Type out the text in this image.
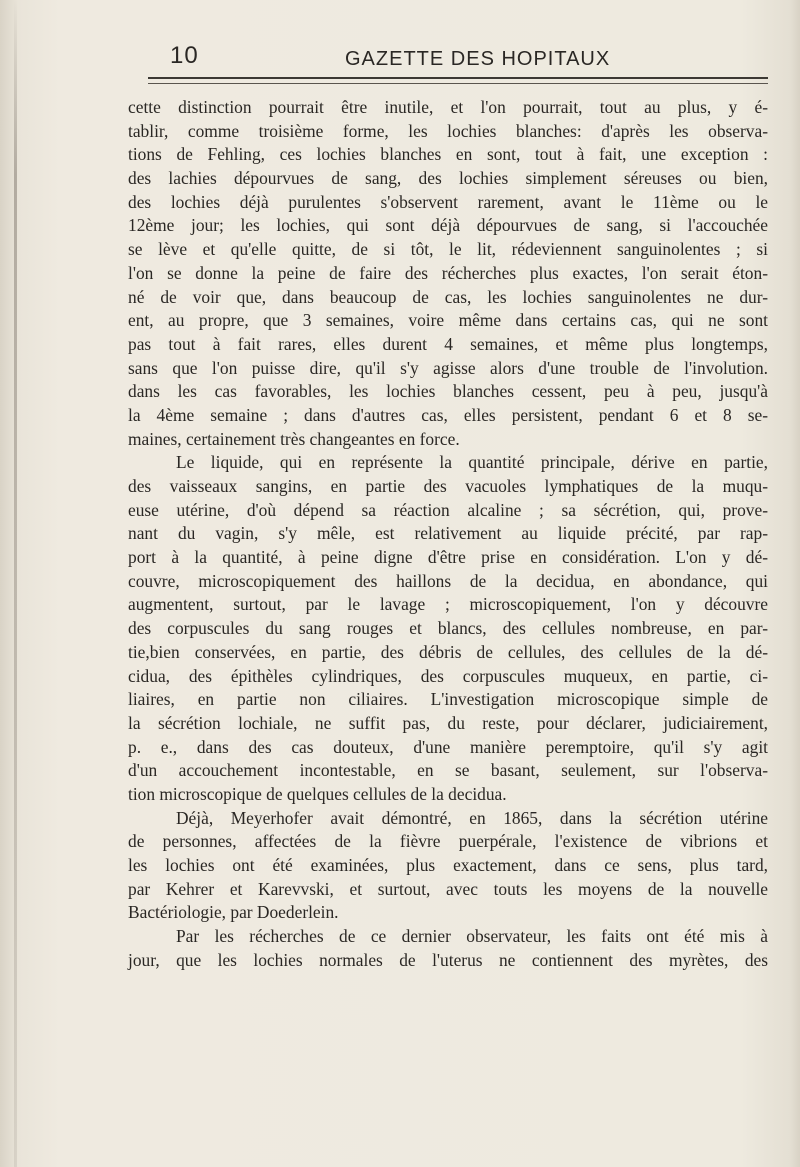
10	GAZETTE DES HOPITAUX
cette distinction pourrait être inutile, et l'on pourrait, tout au plus, y é-
tablir, comme troisième forme, les lochies blanches: d'après les observa-
tions de Fehling, ces lochies blanches en sont, tout à fait, une exception :
des lachies dépourvues de sang, des lochies simplement séreuses ou bien,
des lochies déjà purulentes s'observent rarement, avant le 11ème ou le
12ème jour; les lochies, qui sont déjà dépourvues de sang, si l'accouchée
se lève et qu'elle quitte, de si tôt, le lit, rédeviennent sanguinolentes ; si
l'on se donne la peine de faire des récherches plus exactes, l'on serait éton-
né de voir que, dans beaucoup de cas, les lochies sanguinolentes ne dur-
ent, au propre, que 3 semaines, voire même dans certains cas, qui ne sont
pas tout à fait rares, elles durent 4 semaines, et même plus longtemps,
sans que l'on puisse dire, qu'il s'y agisse alors d'une trouble de l'involution.
dans les cas favorables, les lochies blanches cessent, peu à peu, jusqu'à
la 4ème semaine ; dans d'autres cas, elles persistent, pendant 6 et 8 se-
maines, certainement très changeantes en force.
Le liquide, qui en représente la quantité principale, dérive en partie,
des vaisseaux sangins, en partie des vacuoles lymphatiques de la muqu-
euse utérine, d'où dépend sa réaction alcaline ; sa sécrétion, qui, prove-
nant du vagin, s'y mêle, est relativement au liquide précité, par rap-
port à la quantité, à peine digne d'être prise en considération. L'on y dé-
couvre, microscopiquement des haillons de la decidua, en abondance, qui
augmentent, surtout, par le lavage ; microscopiquement, l'on y découvre
des corpuscules du sang rouges et blancs, des cellules nombreuse, en par-
tie,bien conservées, en partie, des débris de cellules, des cellules de la dé-
cidua, des épithèles cylindriques, des corpuscules muqueux, en partie, ci-
liaires, en partie non ciliaires. L'investigation microscopique simple de
la sécrétion lochiale, ne suffit pas, du reste, pour déclarer, judiciairement,
p. e., dans des cas douteux, d'une manière peremptoire, qu'il s'y agit
d'un accouchement incontestable, en se basant, seulement, sur l'observa-
tion microscopique de quelques cellules de la decidua.
Déjà, Meyerhofer avait démontré, en 1865, dans la sécrétion utérine
de personnes, affectées de la fièvre puerpérale, l'existence de vibrions et
les lochies ont été examinées, plus exactement, dans ce sens, plus tard,
par Kehrer et Karevvski, et surtout, avec touts les moyens de la nouvelle
Bactériologie, par Doederlein.
Par les récherches de ce dernier observateur, les faits ont été mis à
jour, que les lochies normales de l'uterus ne contiennent des myrètes, des
